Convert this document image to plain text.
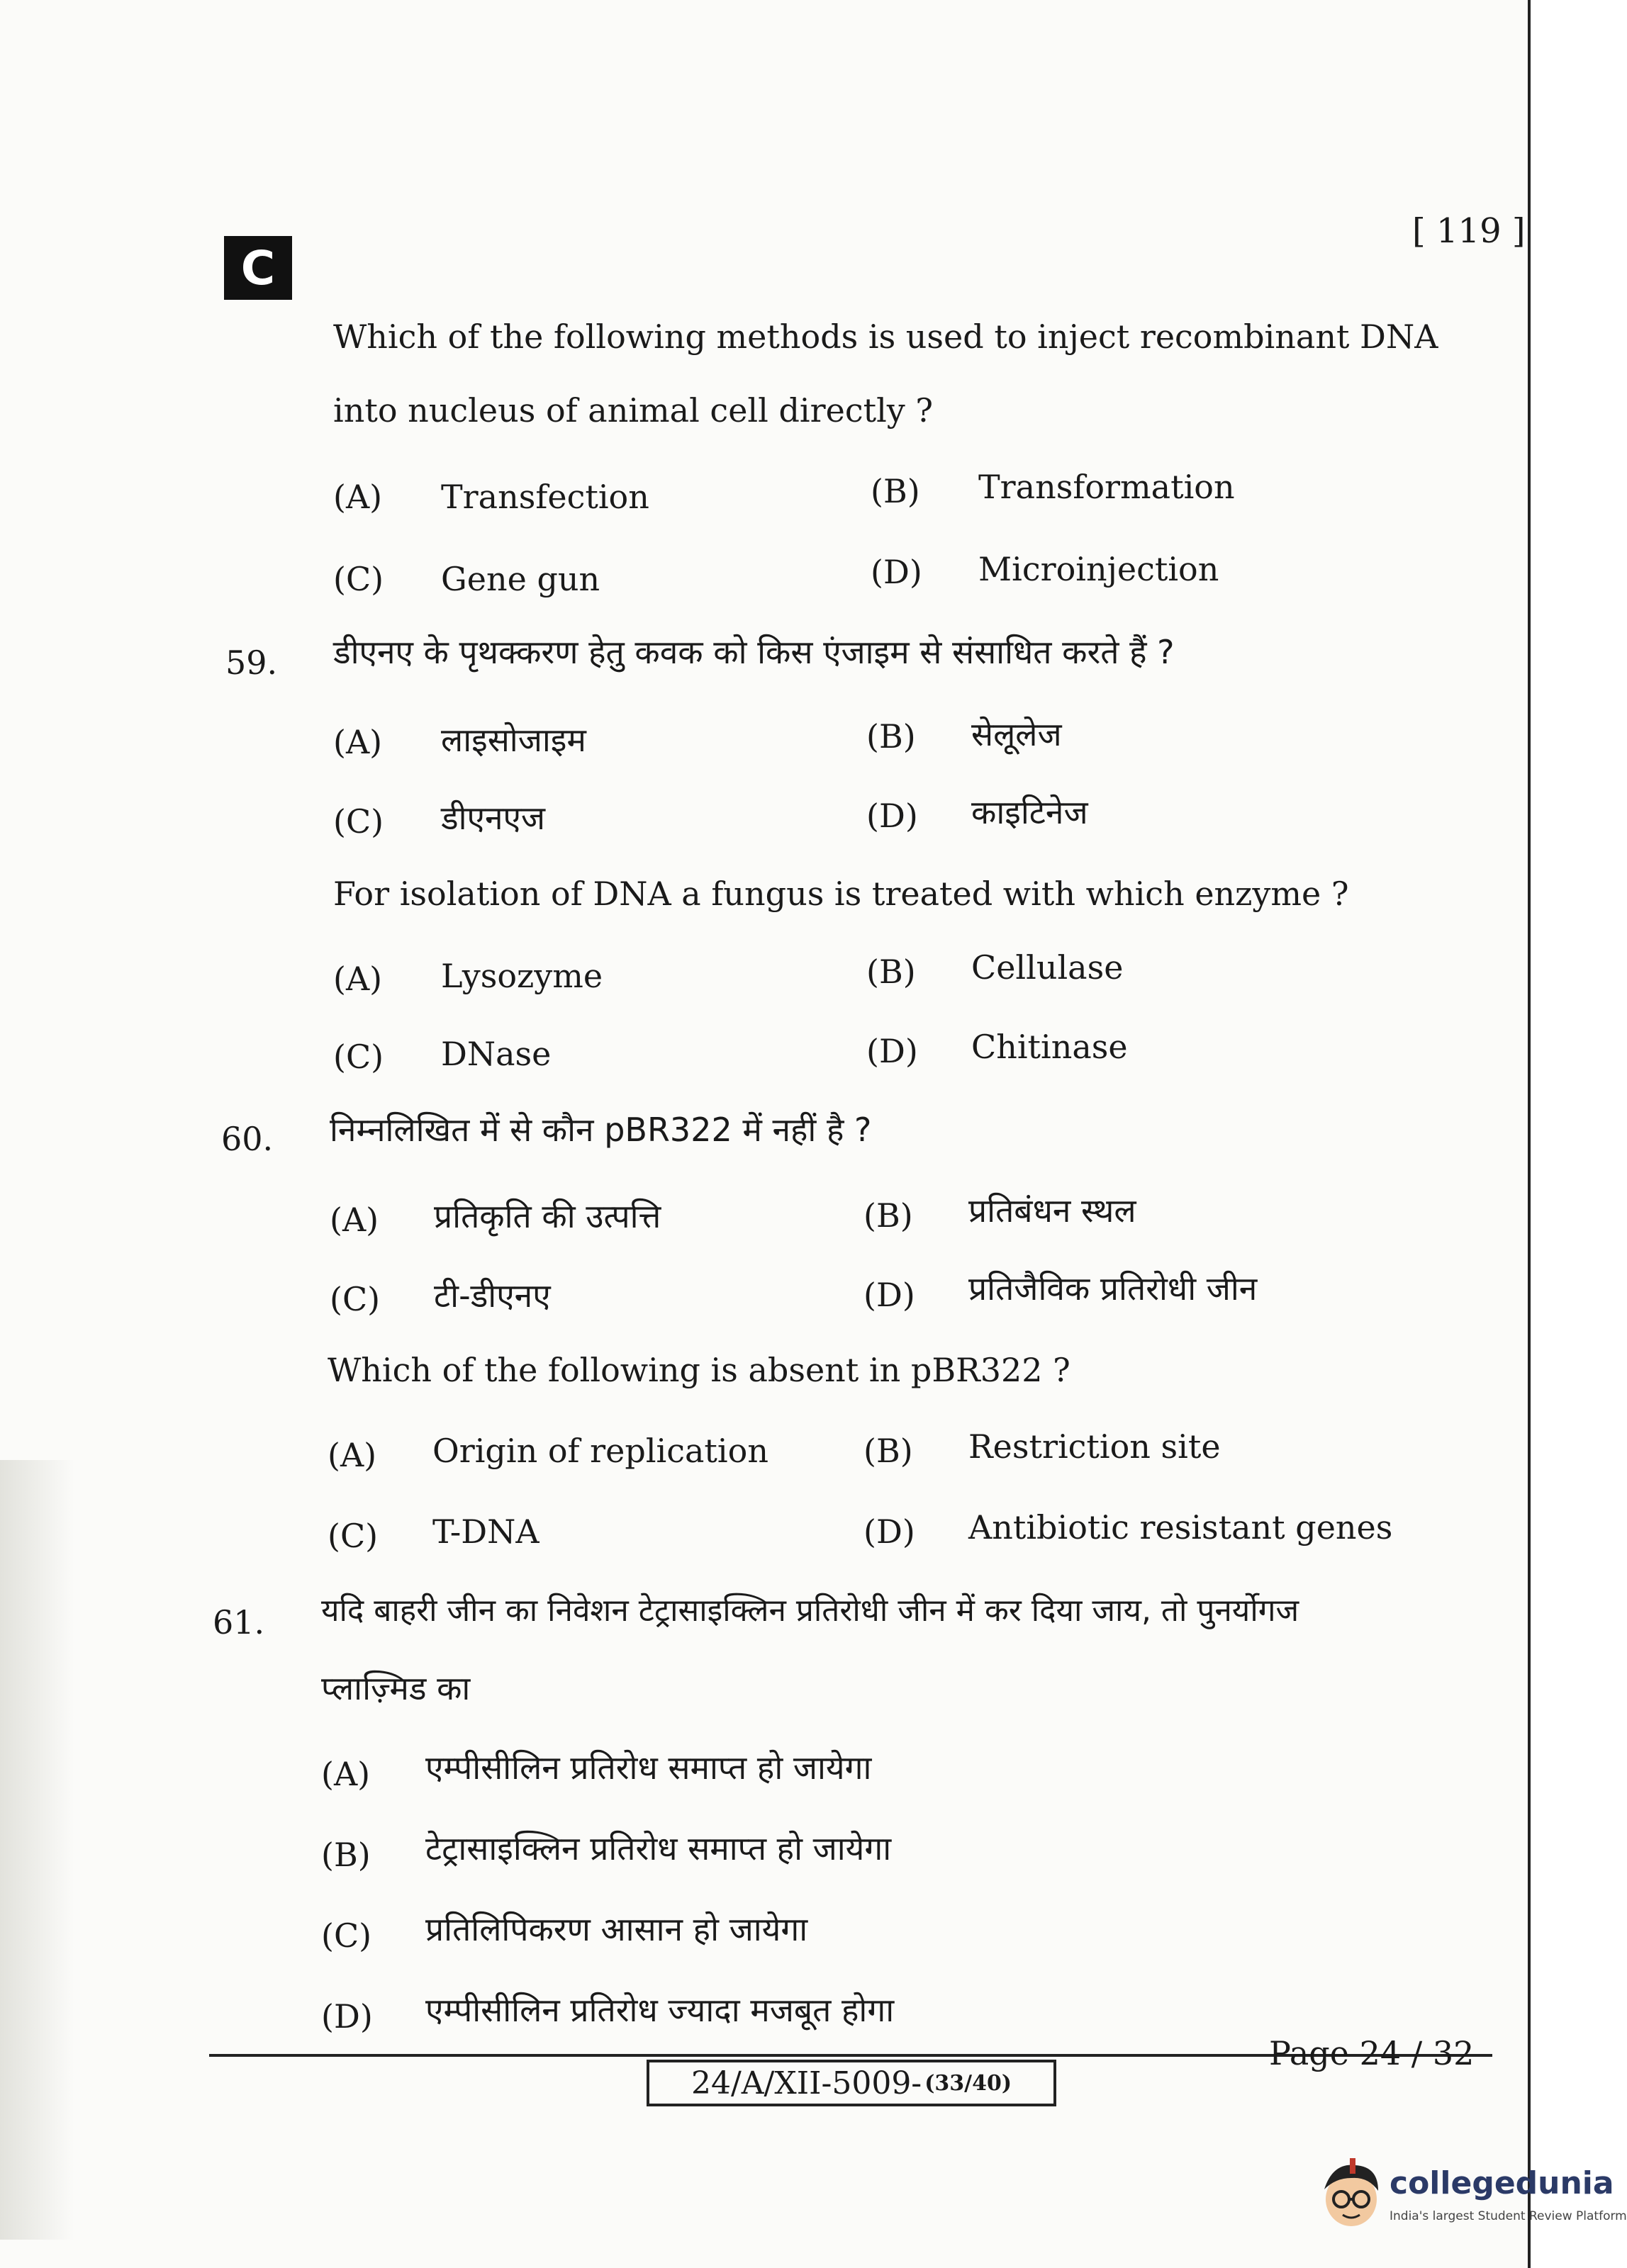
C
[ 119 ]
Which of the following methods is used to inject recombinant DNA
into nucleus of animal cell directly ?
(A) Transfection	(B) Transformation
(C) Gene gun	(D) Microinjection
59. डीएनए के पृथक्करण हेतु कवक को किस एंजाइम से संसाधित करते हैं ?
(A) लाइसोजाइम	(B) सेलूलेज
(C) डीएनएज	(D) काइटिनेज
For isolation of DNA a fungus is treated with which enzyme ?
(A) Lysozyme	(B) Cellulase
(C) DNase	(D) Chitinase
60. निम्नलिखित में से कौन pBR322 में नहीं है ?
(A) प्रतिकृति की उत्पत्ति	(B) प्रतिबंधन स्थल
(C) टी-डीएनए	(D) प्रतिजैविक प्रतिरोधी जीन
Which of the following is absent in pBR322 ?
(A) Origin of replication	(B) Restriction site
(C) T-DNA	(D) Antibiotic resistant genes
61. यदि बाहरी जीन का निवेशन टेट्रासाइक्लिन प्रतिरोधी जीन में कर दिया जाय, तो पुनर्योगज
प्लाज़्मिड का
(A) एम्पीसीलिन प्रतिरोध समाप्त हो जायेगा
(B) टेट्रासाइक्लिन प्रतिरोध समाप्त हो जायेगा
(C) प्रतिलिपिकरण आसान हो जायेगा
(D) एम्पीसीलिन प्रतिरोध ज्यादा मजबूत होगा
24/A/XII-5009- (33/40)
Page 24 / 32
collegedunia
India's largest Student Review Platform
